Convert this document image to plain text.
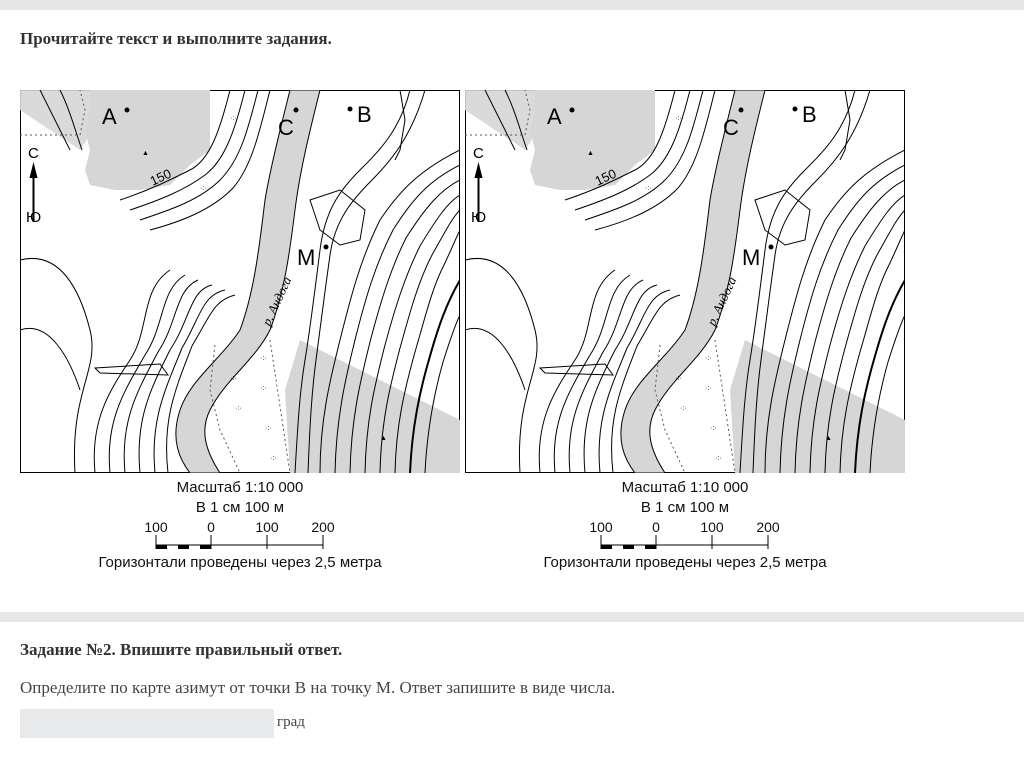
Прочитайте текст и выполните задания.
·:·
·:·
·:·
·:·
·:·
·:·
·:·
·:·
▲
▲
А	С
В
М
С
Ю
150
р. Андога
Масштаб 1:10 000
В 1 см 100 м
100	0	100 200
Горизонтали проведены через 2,5 метра
·:·
·:·
·:·
·:·
·:·
·:·
·:·
·:·
▲
▲
А	С
В
М
С
Ю
150
р. Андога
Масштаб 1:10 000
В 1 см 100 м
100	0	100 200
Горизонтали проведены через 2,5 метра
Задание №2. Впишите правильный ответ.
Определите по карте азимут от точки В на точку М. Ответ запишите в виде числа.
град
